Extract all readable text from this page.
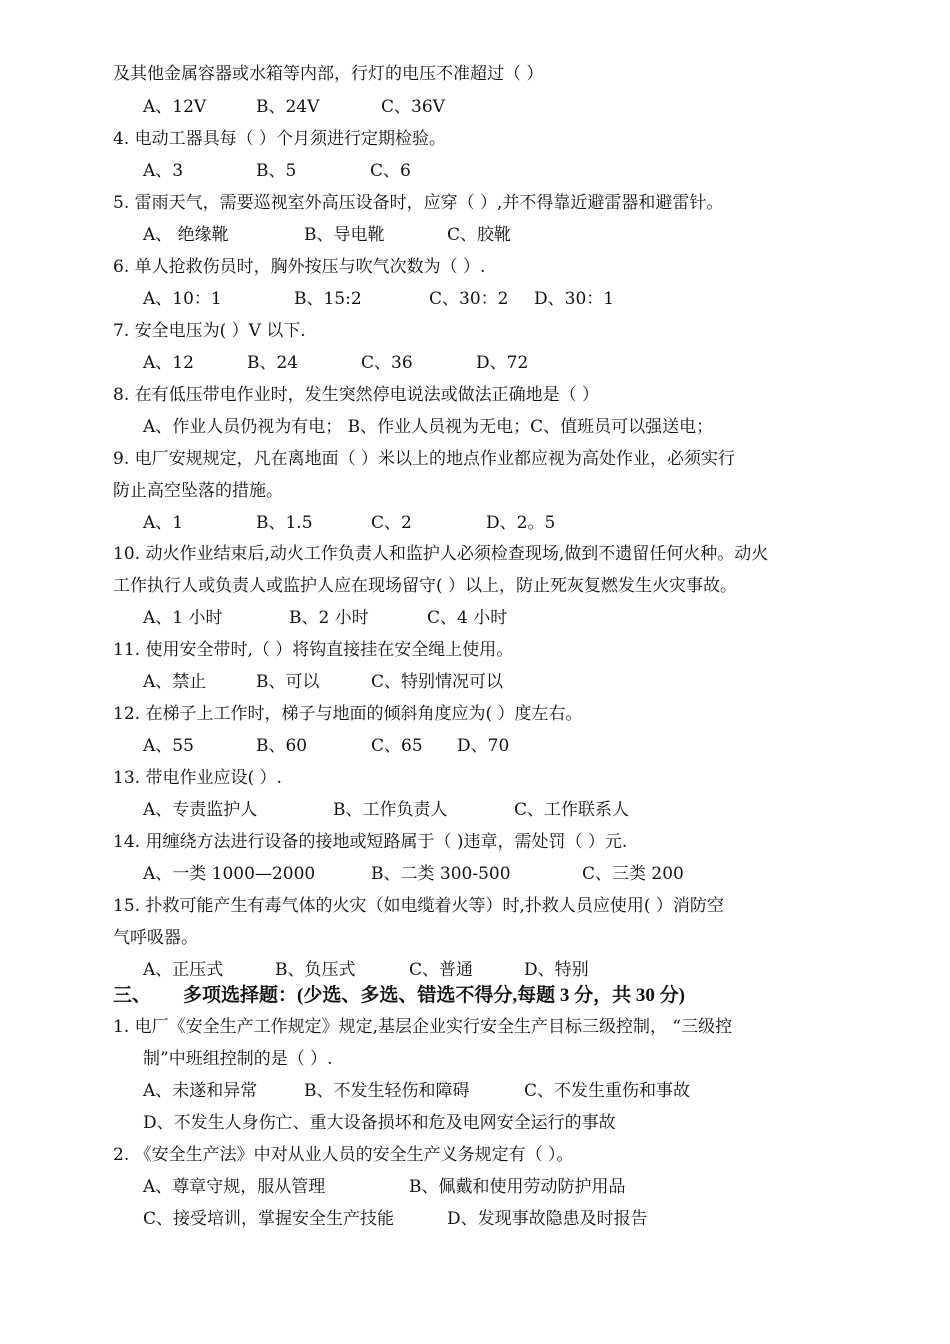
及其他金属容器或水箱等内部，行灯的电压不准超过（ ）
A、12V	B、24V	C、36V
4. 电动工器具每（ ）个月须进行定期检验。
A、3	B、5	C、6
5. 雷雨天气，需要巡视室外高压设备时，应穿（ ）,并不得靠近避雷器和避雷针。
A、 绝缘靴	B、导电靴	C、胶靴
6. 单人抢救伤员时，胸外按压与吹气次数为（ ）.
A、10：1	B、15:2	C、30：2 D、30：1
7. 安全电压为( ）V 以下.
A、12	B、24	C、36	D、72
8. 在有低压带电作业时，发生突然停电说法或做法正确地是（ ）
A、作业人员仍视为有电； B、作业人员视为无电；C、值班员可以强送电；
9. 电厂安规规定，凡在离地面（ ）米以上的地点作业都应视为高处作业，必须实行
防止高空坠落的措施。
A、1	B、1.5	C、2	D、2。5
10. 动火作业结束后,动火工作负责人和监护人必须检查现场,做到不遗留任何火种。动火
工作执行人或负责人或监护人应在现场留守( ）以上，防止死灰复燃发生火灾事故。
A、1 小时	B、2 小时	C、4 小时
11. 使用安全带时,（ ）将钩直接挂在安全绳上使用。
A、禁止	B、可以	C、特别情况可以
12. 在梯子上工作时，梯子与地面的倾斜角度应为( ）度左右。
A、55	B、60	C、65 D、70
13. 带电作业应设( ）.
A、专责监护人	B、工作负责人	C、工作联系人
14. 用缠绕方法进行设备的接地或短路属于（ )违章，需处罚（ ）元.
A、一类 1000—2000	B、二类 300-500	C、三类 200
15. 扑救可能产生有毒气体的火灾（如电缆着火等）时,扑救人员应使用( ）消防空
气呼吸器。
A、正压式	B、负压式	C、普通	D、特别
三、 多项选择题：(少选、多选、错选不得分,每题 3 分，共 30 分)
1. 电厂《安全生产工作规定》规定,基层企业实行安全生产目标三级控制， “三级控
制”中班组控制的是（ ）.
A、未遂和异常	B、不发生轻伤和障碍	C、不发生重伤和事故
D、不发生人身伤亡、重大设备损坏和危及电网安全运行的事故
2. 《安全生产法》中对从业人员的安全生产义务规定有（ ）。
A、尊章守规，服从管理	B、佩戴和使用劳动防护用品
C、接受培训，掌握安全生产技能	D、发现事故隐患及时报告
